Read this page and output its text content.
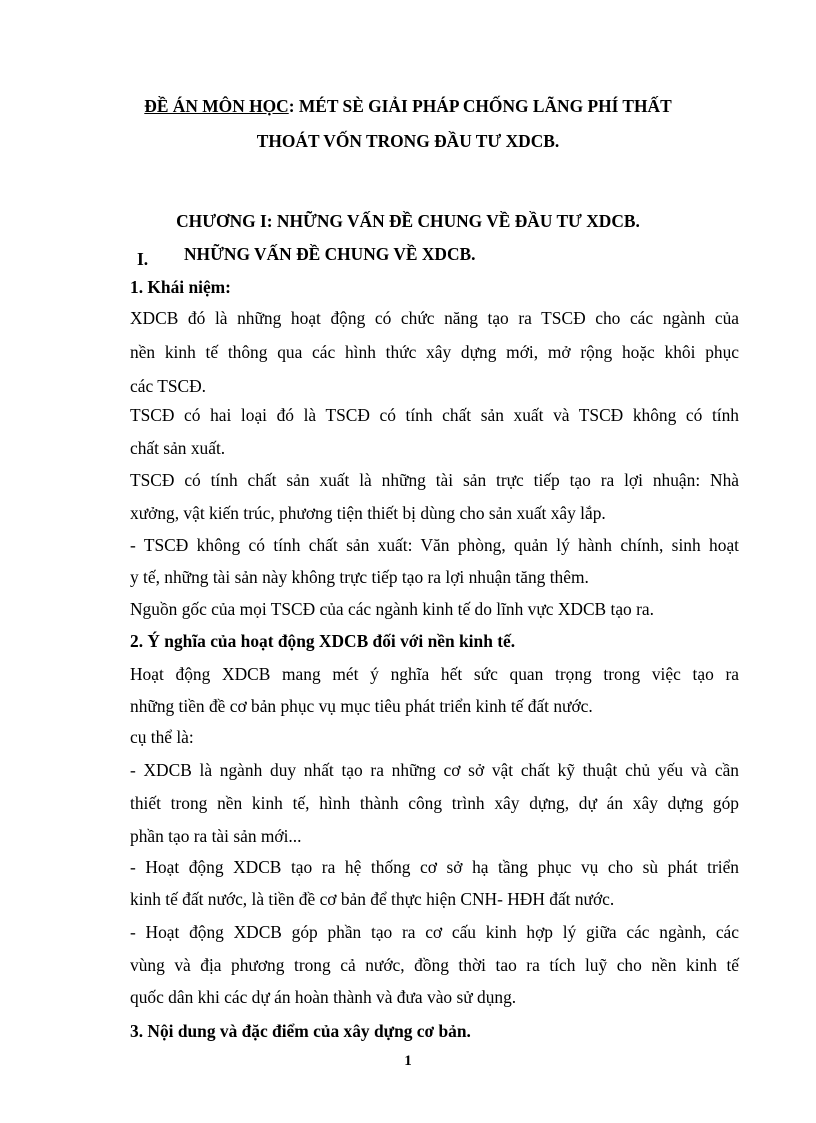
ĐỀ ÁN MÔN HỌC: MÉT SÈ GIẢI PHÁP CHỐNG LÃNG PHÍ THẤT
THOÁT VỐN TRONG ĐẦU TƯ XDCB.
CHƯƠNG I: NHỮNG VẤN ĐỀ CHUNG VỀ ĐẦU TƯ XDCB.
I. NHỮNG VẤN ĐỀ CHUNG VỀ XDCB.
1. Khái niệm:
XDCB đó là những hoạt động có chức năng tạo ra TSCĐ cho các ngành của
nền kinh tế thông qua các hình thức xây dựng mới, mở rộng hoặc khôi phục
các TSCĐ.
TSCĐ có hai loại đó là TSCĐ có tính chất sản xuất và TSCĐ không có tính
chất sản xuất.
TSCĐ có tính chất sản xuất là những tài sản trực tiếp tạo ra lợi nhuận: Nhà
xưởng, vật kiến trúc, phương tiện thiết bị dùng cho sản xuất xây lắp.
- TSCĐ không có tính chất sản xuất: Văn phòng, quản lý hành chính, sinh hoạt
y tế, những tài sản này không trực tiếp tạo ra lợi nhuận tăng thêm.
Nguồn gốc của mọi TSCĐ của các ngành kinh tế do lĩnh vực XDCB tạo ra.
2. Ý nghĩa của hoạt động XDCB đối với nền kinh tế.
Hoạt động XDCB mang mét ý nghĩa hết sức quan trọng trong việc tạo ra
những tiền đề cơ bản phục vụ mục tiêu phát triển kinh tế đất nước.
cụ thể là:
- XDCB là ngành duy nhất tạo ra những cơ sở vật chất kỹ thuật chủ yếu và cần
thiết trong nền kinh tế, hình thành công trình xây dựng, dự án xây dựng góp
phần tạo ra tài sản mới...
- Hoạt động XDCB tạo ra hệ thống cơ sở hạ tầng phục vụ cho sù phát triển
kinh tế đất nước, là tiền đề cơ bản để thực hiện CNH- HĐH đất nước.
- Hoạt động XDCB góp phần tạo ra cơ cấu kinh hợp lý giữa các ngành, các
vùng và địa phương trong cả nước, đồng thời tao ra tích luỹ cho nền kinh tế
quốc dân khi các dự án hoàn thành và đưa vào sử dụng.
3. Nội dung và đặc điểm của xây dựng cơ bản.
1
